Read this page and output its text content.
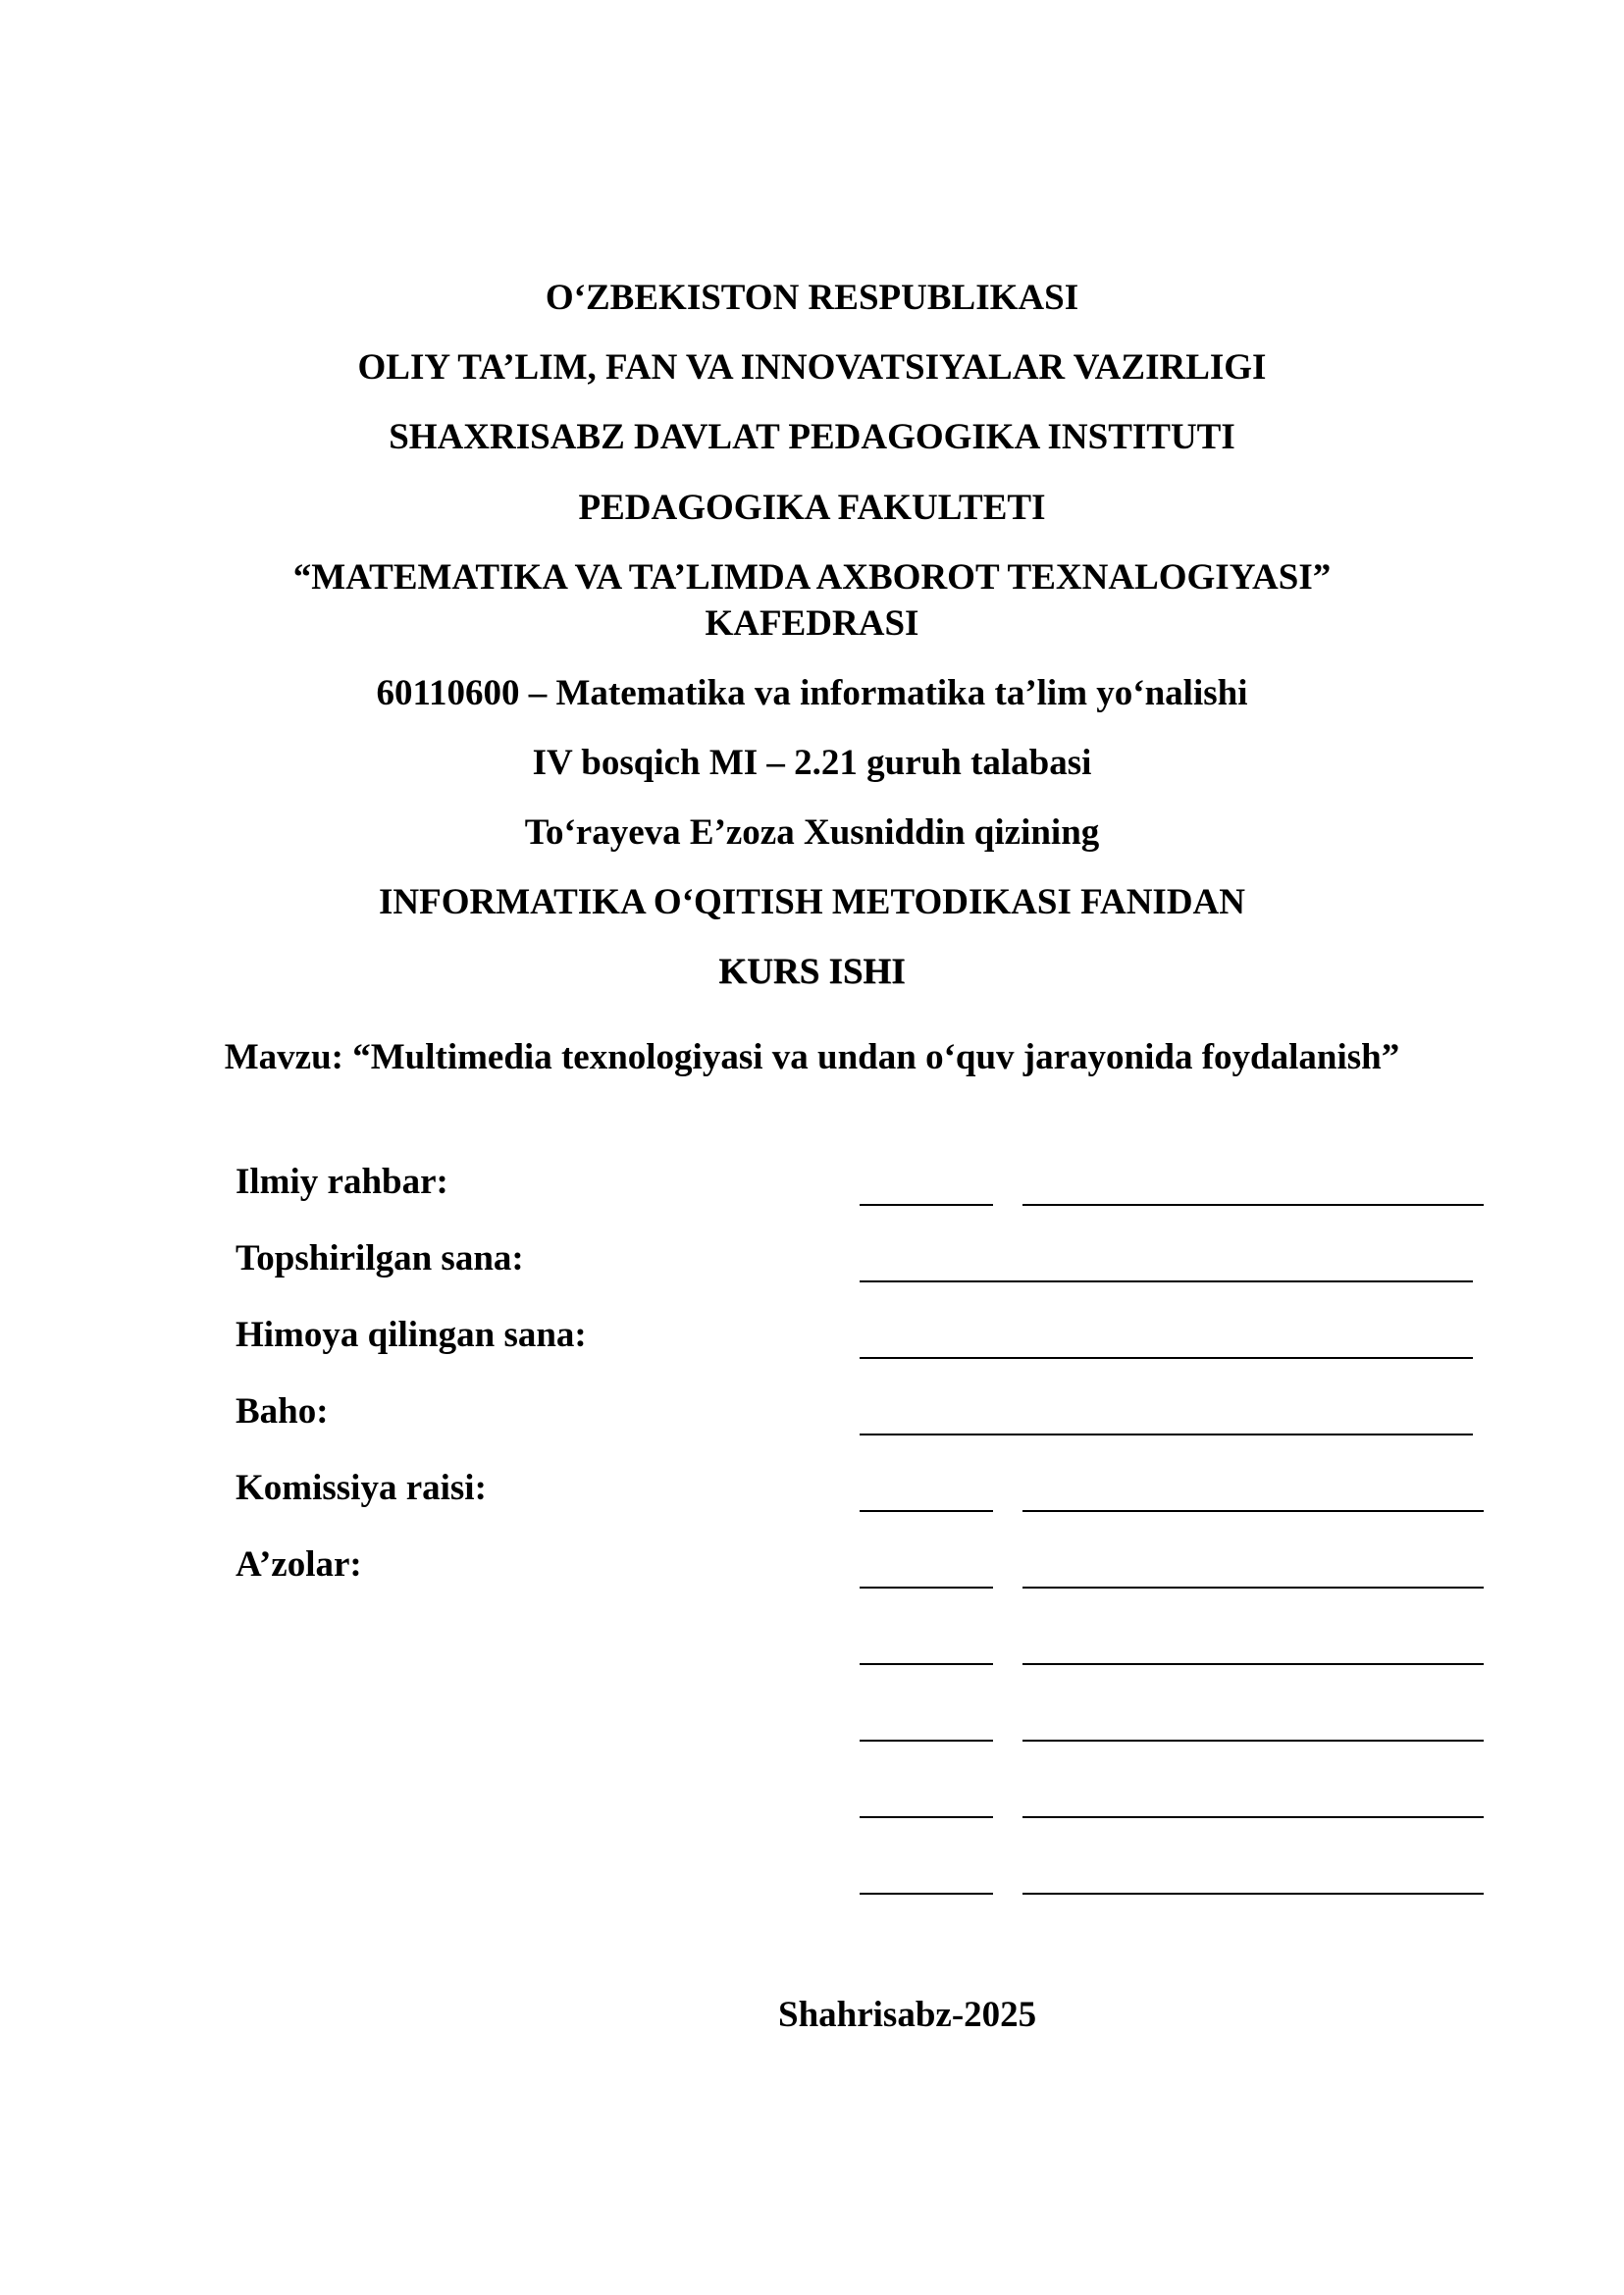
O‘ZBEKISTON RESPUBLIKASI
OLIY TA’LIM, FAN VA INNOVATSIYALAR VAZIRLIGI
SHAXRISABZ DAVLAT PEDAGOGIKA INSTITUTI
PEDAGOGIKA FAKULTETI
“MATEMATIKA VA TA’LIMDA AXBOROT TEXNALOGIYASI”
KAFEDRASI
60110600 – Matematika va informatika ta’lim yo‘nalishi
IV bosqich MI – 2.21 guruh talabasi
To‘rayeva E’zoza Xusniddin qizining
INFORMATIKA O‘QITISH METODIKASI FANIDAN
KURS ISHI
Mavzu: “Multimedia texnologiyasi va undan o‘quv jarayonida foydalanish”
Ilmiy rahbar:
Topshirilgan sana:
Himoya qilingan sana:
Baho:
Komissiya raisi:
A’zolar:
Shahrisabz-2025
